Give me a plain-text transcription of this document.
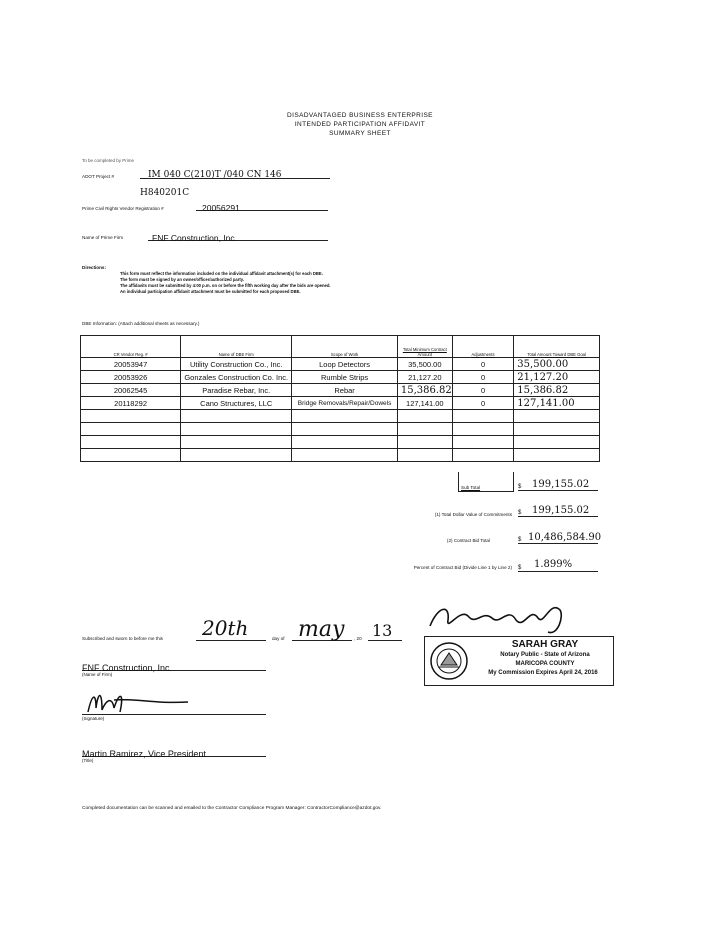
DISADVANTAGED BUSINESS ENTERPRISE
INTENDED PARTICIPATION AFFIDAVIT
SUMMARY SHEET
To be completed by Prime
ADOT Project #	IM 040 C(210)T /040 CN 146 H840201C
Prime Civil Rights Vendor Registration #	20056291
Name of Prime Firm	FNF Construction, Inc.
Directions:
This form must reflect the information included on the individual affidavit attachment(s) for each DBE.
The form must be signed by an owner/officer/authorized party.
The affidavits must be submitted by 4:00 p.m. on or before the fifth working day after the bids are opened.
An individual participation affidavit attachment must be submitted for each proposed DBE.
DBE Information: (Attach additional sheets as necessary.)
CR Vendor Reg. #	Name of DBE Firm	Scope of Work	Total Minimum Contract Amount	Adjustments	Total Amount Toward DBE Goal
20053947	Utility Construction Co., Inc.	Loop Detectors	35,500.00	0	35,500.00
20053926	Gonzales Construction Co. Inc.	Rumble Strips	21,127.20	0	21,127.20
20062545	Paradise Rebar, Inc.	Rebar	15,386.82	0	15,386.82
20118292	Cano Structures, LLC	Bridge Removals/Repair/Dowels	127,141.00	0	127,141.00

Sub Total	$ 199,155.02
(1) Total Dollar Value of Commitments $ 199,155.02
(2) Contract Bid Total	$ 10,486,584.90
Percent of Contract Bid (Divide Line 1 by Line 2) $ 1.899%
Subscribed and sworn to before me this 20th	day of may , 20 13
SARAH GRAY
Notary Public - State of Arizona
MARICOPA COUNTY
My Commission Expires April 24, 2016
FNF Construction, Inc.
(Name of Firm)
(Signature)
Martin Ramirez, Vice President
(Title)
Completed documentation can be scanned and emailed to the Contractor Compliance Program Manager: ContractorCompliance@azdot.gov.
